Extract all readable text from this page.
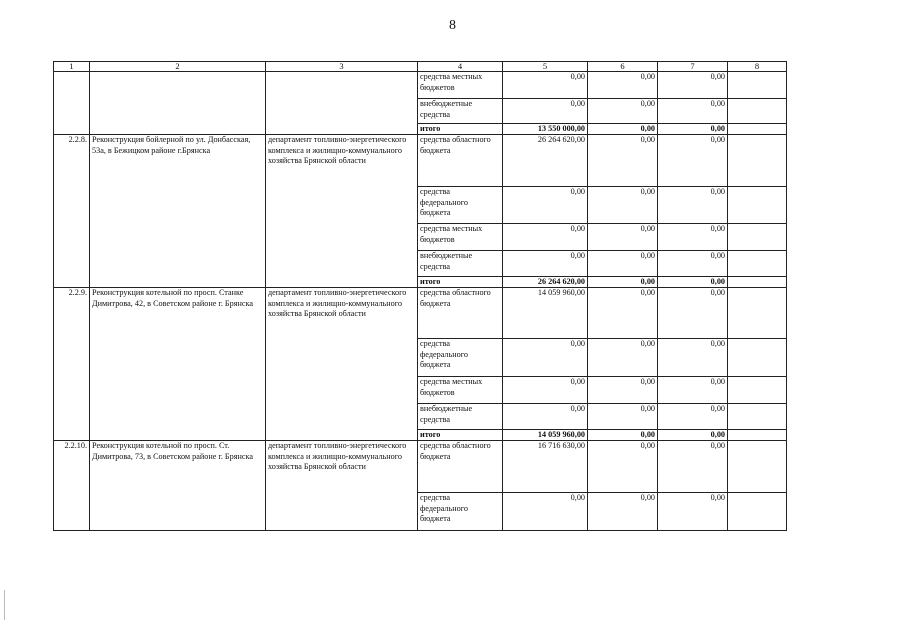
8
1	2	3	4	5	6	7	8
			средства местных бюджетов	0,00	0,00	0,00	
			внебюджетные средства	0,00	0,00	0,00	
			итого	13 550 000,00	0,00	0,00	
2.2.8.	Реконструкция бойлерной по ул. Донбасская, 53а, в Бежицком районе г.Брянска	департамент топливно-энергетического комплекса и жилищно-коммунального хозяйства Брянской области	средства областного бюджета	26 264 620,00	0,00	0,00	
			средства федерального бюджета	0,00	0,00	0,00	
			средства местных бюджетов	0,00	0,00	0,00	
			внебюджетные средства	0,00	0,00	0,00	
			итого	26 264 620,00	0,00	0,00	
2.2.9.	Реконструкция котельной по просп. Станке Димитрова, 42, в Советском районе г. Брянска	департамент топливно-энергетического комплекса и жилищно-коммунального хозяйства Брянской области	средства областного бюджета	14 059 960,00	0,00	0,00	
			средства федерального бюджета	0,00	0,00	0,00	
			средства местных бюджетов	0,00	0,00	0,00	
			внебюджетные средства	0,00	0,00	0,00	
			итого	14 059 960,00	0,00	0,00	
2.2.10.	Реконструкция котельной по просп. Ст. Димитрова, 73, в Советском районе г. Брянска	департамент топливно-энергетического комплекса и жилищно-коммунального хозяйства Брянской области	средства областного бюджета	16 716 630,00	0,00	0,00	
			средства федерального бюджета	0,00	0,00	0,00	
